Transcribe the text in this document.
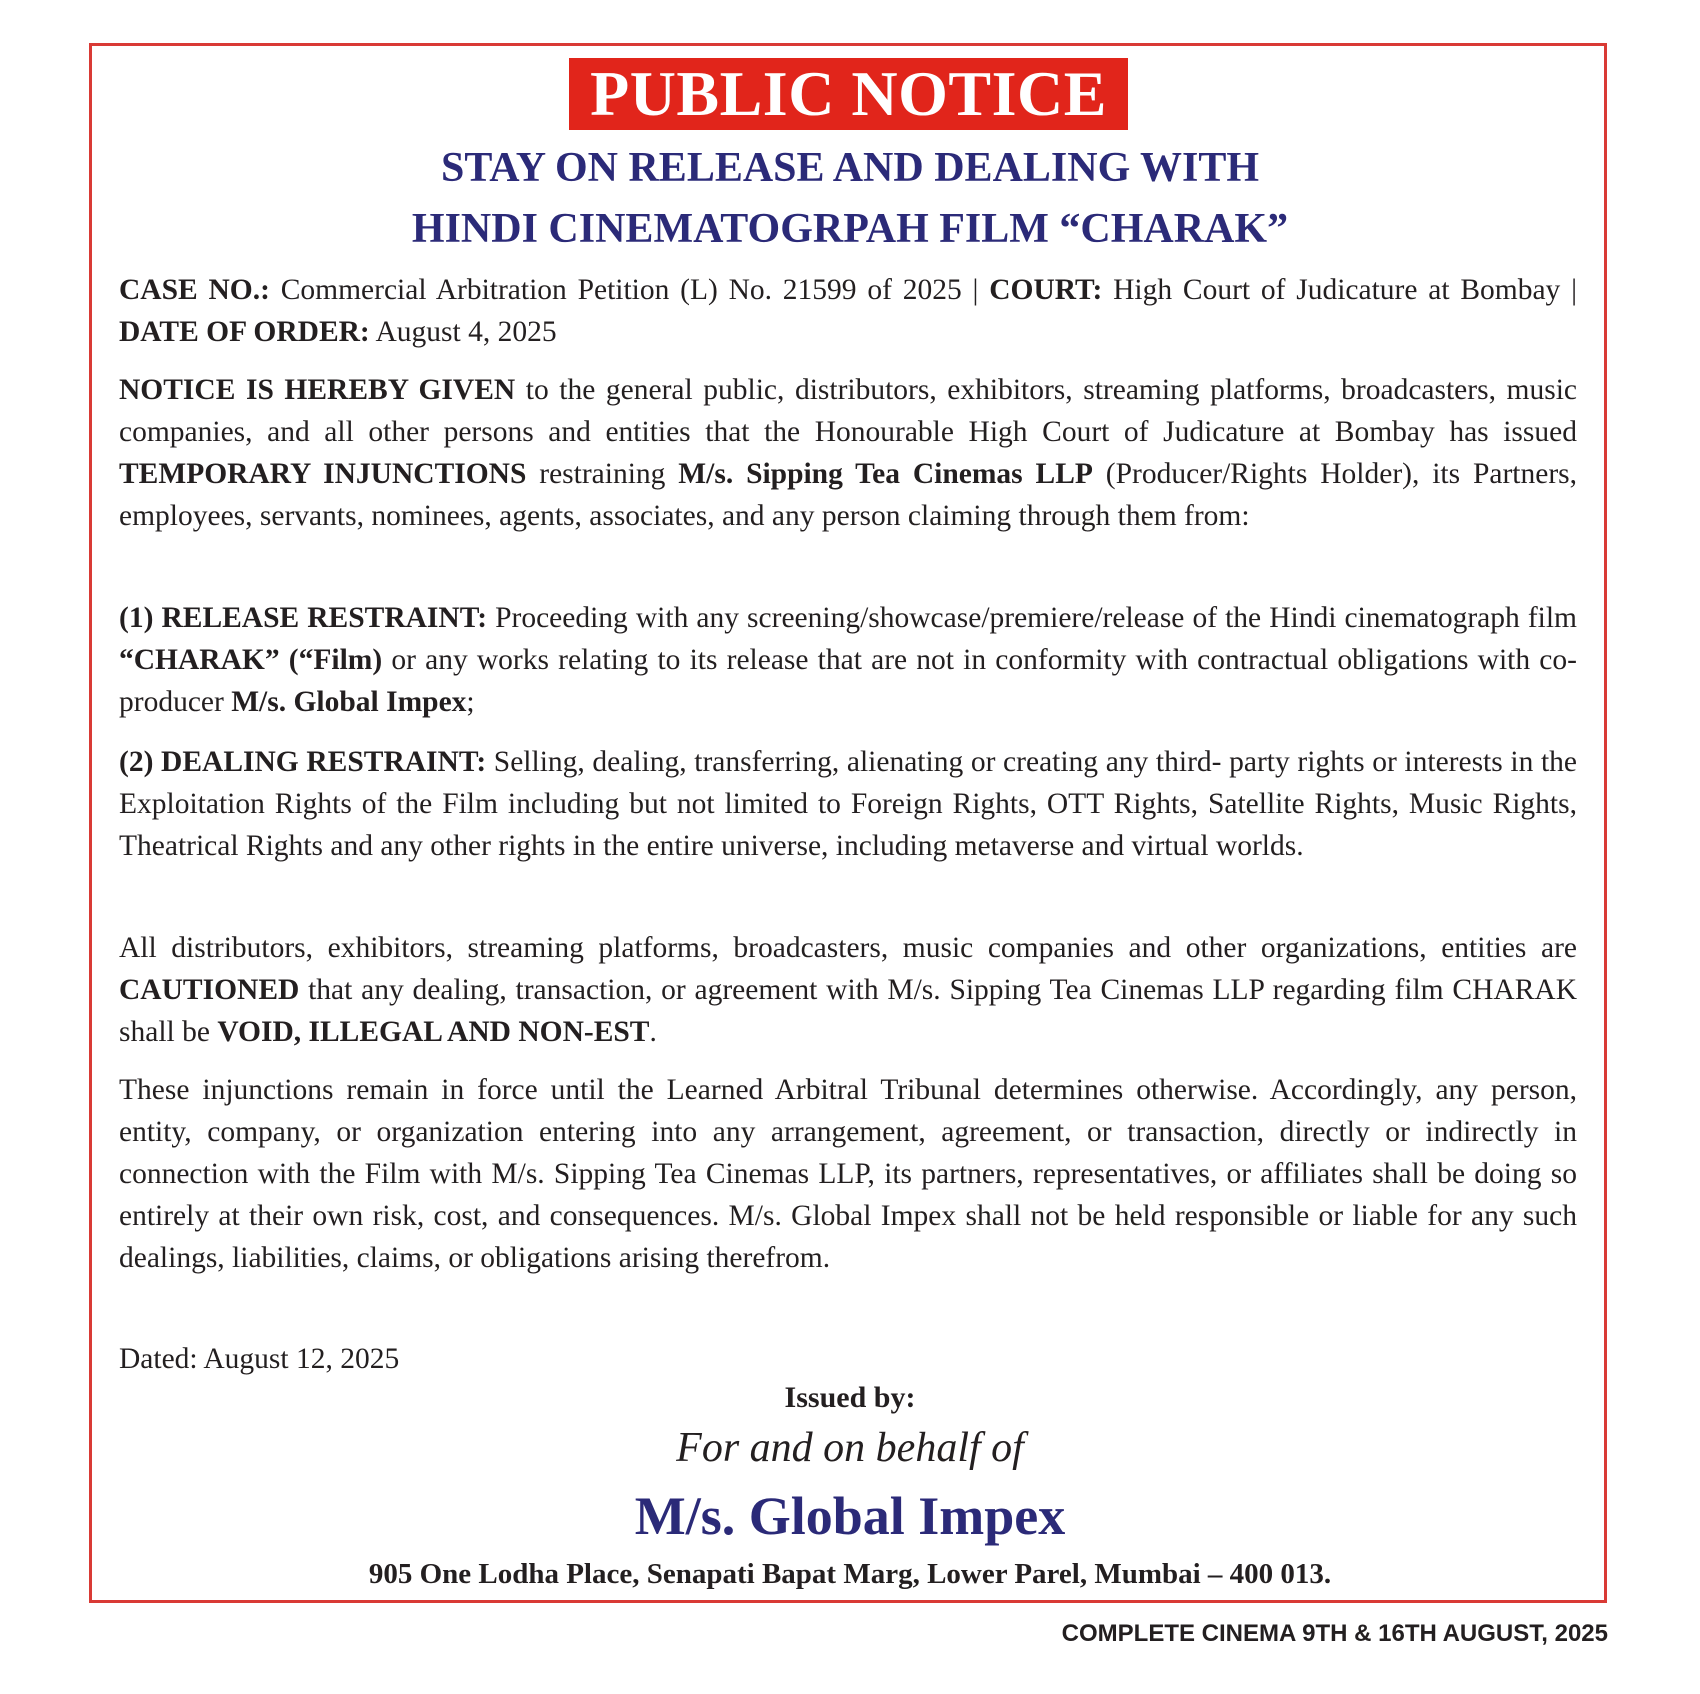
PUBLIC NOTICE
STAY ON RELEASE AND DEALING WITH
HINDI CINEMATOGRPAH FILM “CHARAK”

CASE NO.: Commercial Arbitration Petition (L) No. 21599 of 2025 | COURT: High Court of Judicature at Bombay | DATE OF ORDER: August 4, 2025

NOTICE IS HEREBY GIVEN to the general public, distributors, exhibitors, streaming platforms, broadcasters, music companies, and all other persons and entities that the Honourable High Court of Judicature at Bombay has issued TEMPORARY INJUNCTIONS restraining M/s. Sipping Tea Cinemas LLP (Producer/Rights Holder), its Partners, employees, servants, nominees, agents, associates, and any person claiming through them from:

(1) RELEASE RESTRAINT: Proceeding with any screening/showcase/premiere/release of the Hindi cinematograph film “CHARAK” (“Film) or any works relating to its release that are not in conformity with contractual obligations with co-producer M/s. Global Impex;

(2) DEALING RESTRAINT: Selling, dealing, transferring, alienating or creating any third- party rights or interests in the Exploitation Rights of the Film including but not limited to Foreign Rights, OTT Rights, Satellite Rights, Music Rights, Theatrical Rights and any other rights in the entire universe, including metaverse and virtual worlds.

All distributors, exhibitors, streaming platforms, broadcasters, music companies and other organizations, entities are CAUTIONED that any dealing, transaction, or agreement with M/s. Sipping Tea Cinemas LLP regarding film CHARAK shall be VOID, ILLEGAL AND NON-EST.

These injunctions remain in force until the Learned Arbitral Tribunal determines otherwise. Accordingly, any person, entity, company, or organization entering into any arrangement, agreement, or transaction, directly or indirectly in connection with the Film with M/s. Sipping Tea Cinemas LLP, its partners, representatives, or affiliates shall be doing so entirely at their own risk, cost, and consequences. M/s. Global Impex shall not be held responsible or liable for any such dealings, liabilities, claims, or obligations arising therefrom.

Dated: August 12, 2025

Issued by:
For and on behalf of
M/s. Global Impex
905 One Lodha Place, Senapati Bapat Marg, Lower Parel, Mumbai – 400 013.
COMPLETE CINEMA 9TH & 16TH AUGUST, 2025
